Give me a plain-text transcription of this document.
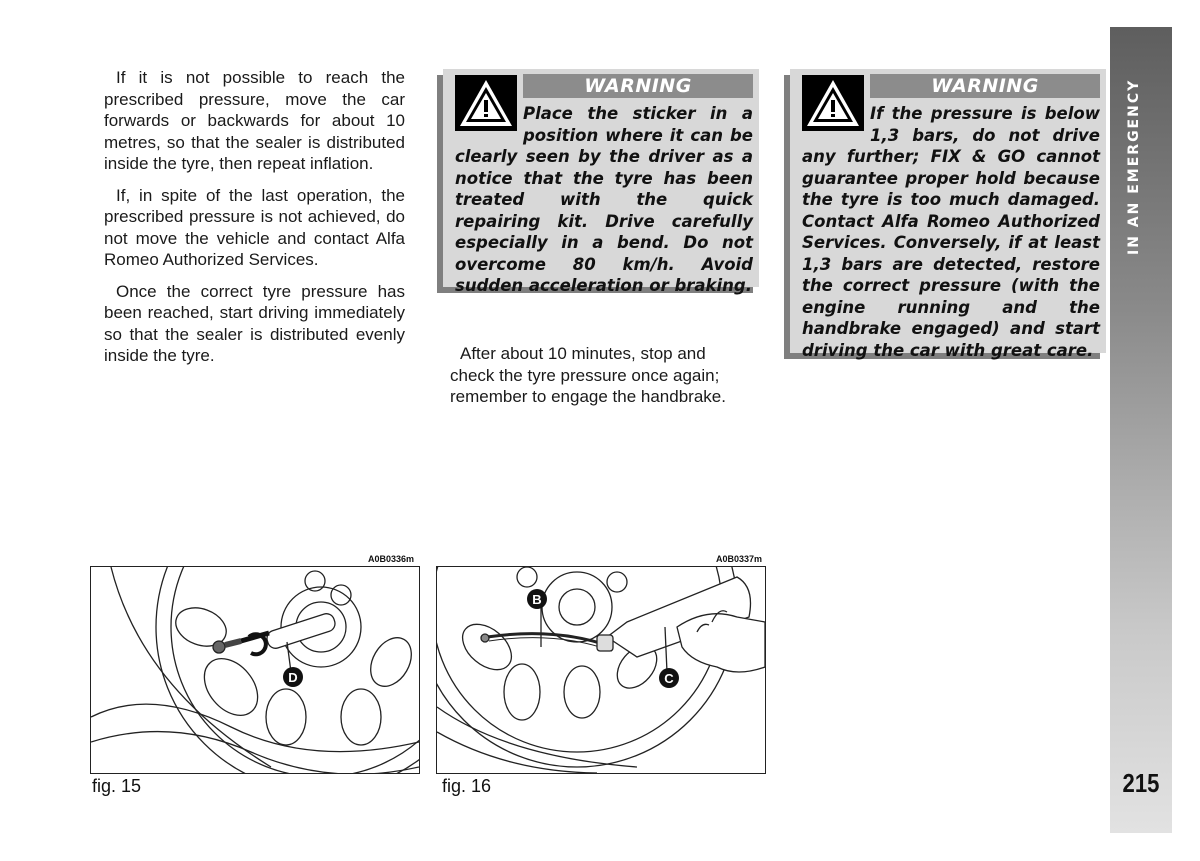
If it is not possible to reach the prescribed pressure, move the car forwards or backwards for about 10 metres, so that the sealer is distributed inside the tyre, then repeat inflation.

If, in spite of the last operation, the prescribed pressure is not achieved, do not move the vehicle and contact Alfa Romeo Authorized Services.

Once the correct tyre pressure has been reached, start driving immediately so that the sealer is distributed evenly inside the tyre.

WARNING
Place the sticker in a position where it can be clearly seen by the driver as a notice that the tyre has been treated with the quick repairing kit. Drive carefully especially in a bend. Do not overcome 80 km/h. Avoid sudden acceleration or braking.

After about 10 minutes, stop and check the tyre pressure once again; remember to engage the handbrake.

WARNING
If the pressure is below 1,3 bars, do not drive any further; FIX & GO cannot guarantee proper hold because the tyre is too much damaged. Contact Alfa Romeo Authorized Services. Conversely, if at least 1,3 bars are detected, restore the correct pressure (with the engine running and the handbrake engaged) and start driving the car with great care.
IN AN EMERGENCY
215
A0B0336m
D
fig. 15
A0B0337m
B
C
fig. 16
